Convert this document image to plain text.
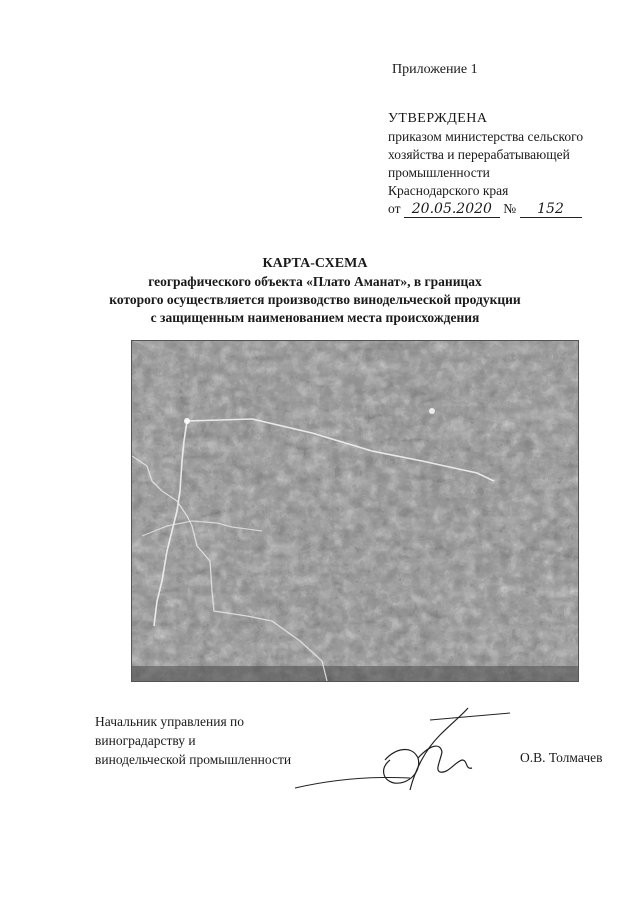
Приложение 1
УТВЕРЖДЕНА
приказом министерства сельского
хозяйства и перерабатывающей
промышленности
Краснодарского края
от 20.05.2020 № 152
КАРТА-СХЕМА
географического объекта «Плато Аманат», в границах
которого осуществляется производство винодельческой продукции
с защищенным наименованием места происхождения
Начальник управления по
виноградарству и
винодельческой промышленности	О.В. Толмачев
